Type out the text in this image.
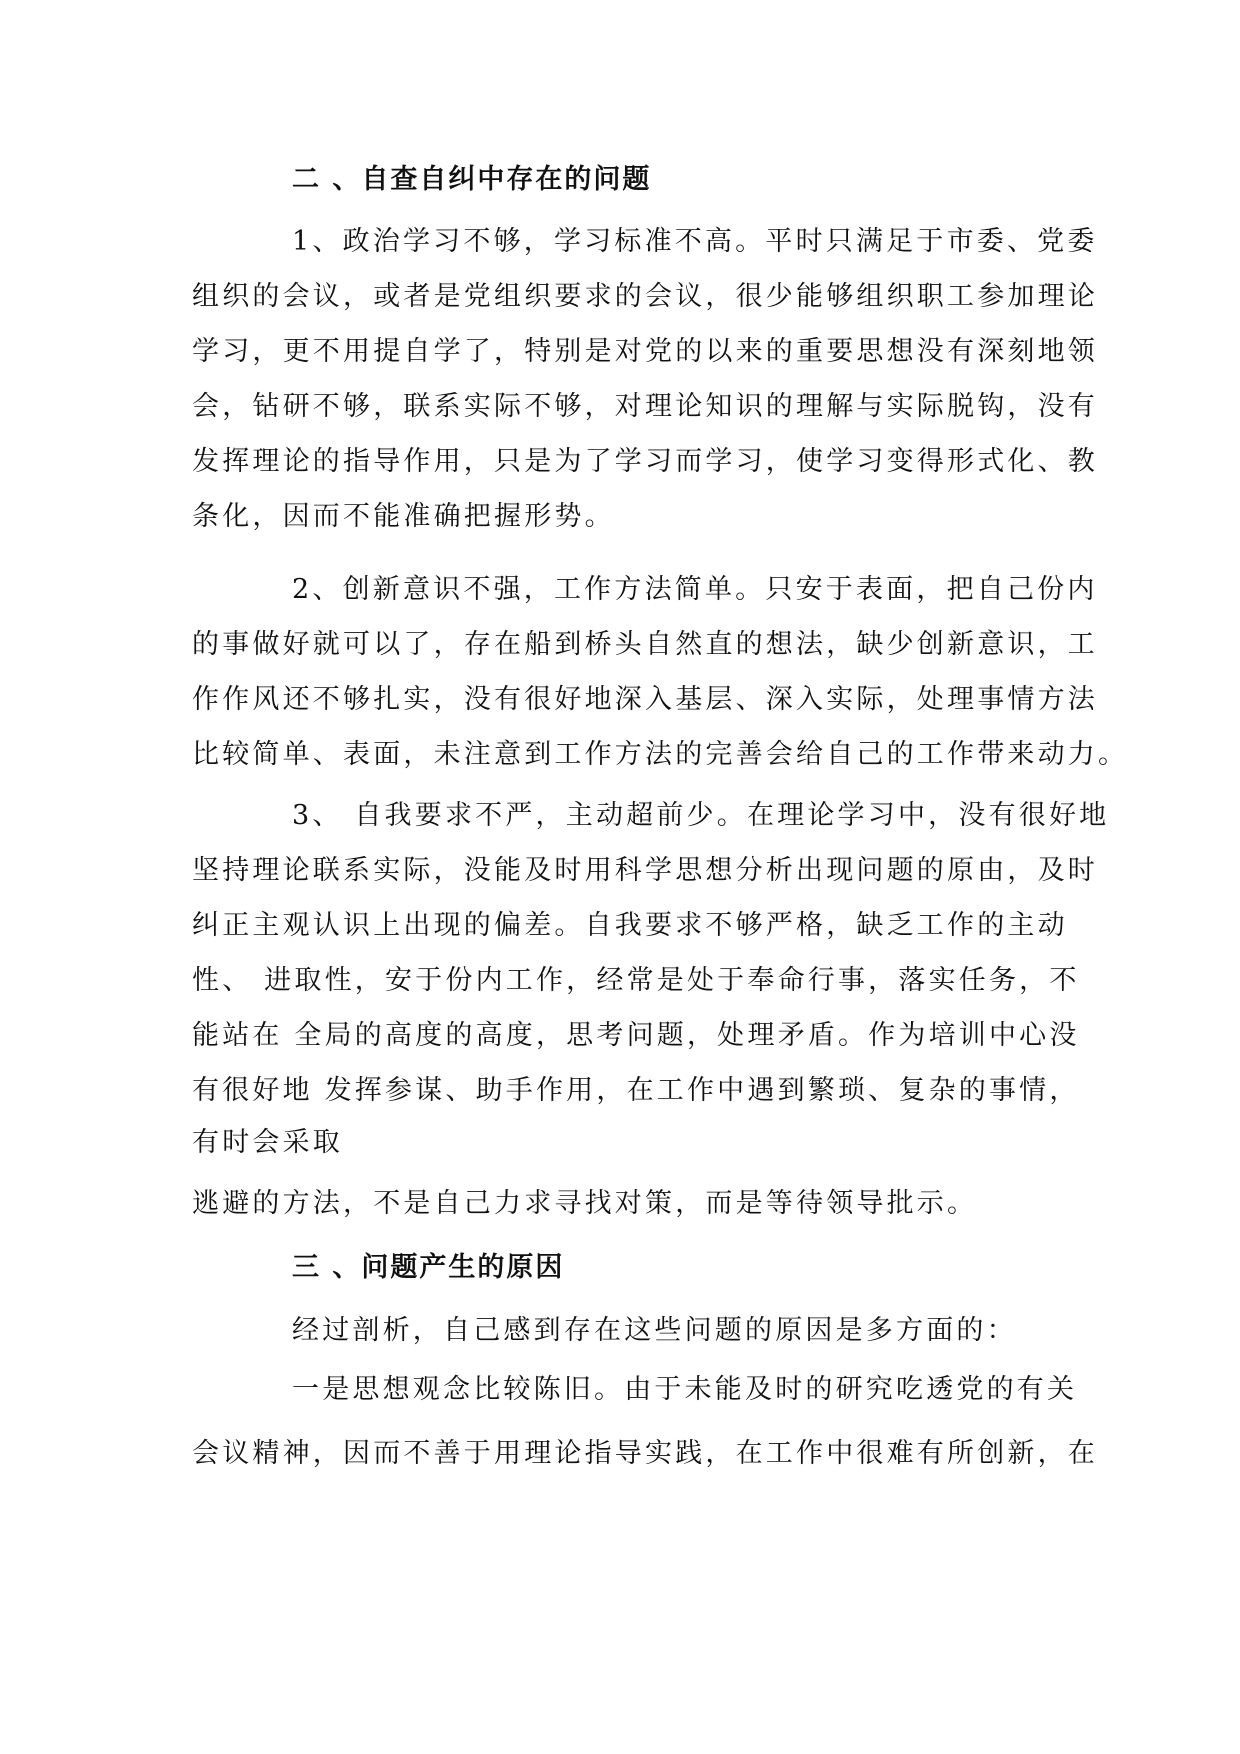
二 、自查自纠中存在的问题
1、政治学习不够，学习标准不高。平时只满足于市委、党委
组织的会议，或者是党组织要求的会议，很少能够组织职工参加理论
学习，更不用提自学了，特别是对党的以来的重要思想没有深刻地领
会，钻研不够，联系实际不够，对理论知识的理解与实际脱钩，没有
发挥理论的指导作用，只是为了学习而学习，使学习变得形式化、教
条化，因而不能准确把握形势。
2、创新意识不强，工作方法简单。只安于表面，把自己份内
的事做好就可以了，存在船到桥头自然直的想法，缺少创新意识，工
作作风还不够扎实，没有很好地深入基层、深入实际，处理事情方法
比较简单、表面，未注意到工作方法的完善会给自己的工作带来动力。
3、 自我要求不严，主动超前少。在理论学习中，没有很好地
坚持理论联系实际，没能及时用科学思想分析出现问题的原由，及时
纠正主观认识上出现的偏差。自我要求不够严格，缺乏工作的主动
性、 进取性，安于份内工作，经常是处于奉命行事，落实任务，不
能站在 全局的高度的高度，思考问题，处理矛盾。作为培训中心没
有很好地 发挥参谋、助手作用，在工作中遇到繁琐、复杂的事情，
有时会采取
逃避的方法，不是自己力求寻找对策，而是等待领导批示。
三 、问题产生的原因
经过剖析，自己感到存在这些问题的原因是多方面的：
一是思想观念比较陈旧。由于未能及时的研究吃透党的有关
会议精神，因而不善于用理论指导实践，在工作中很难有所创新，在
